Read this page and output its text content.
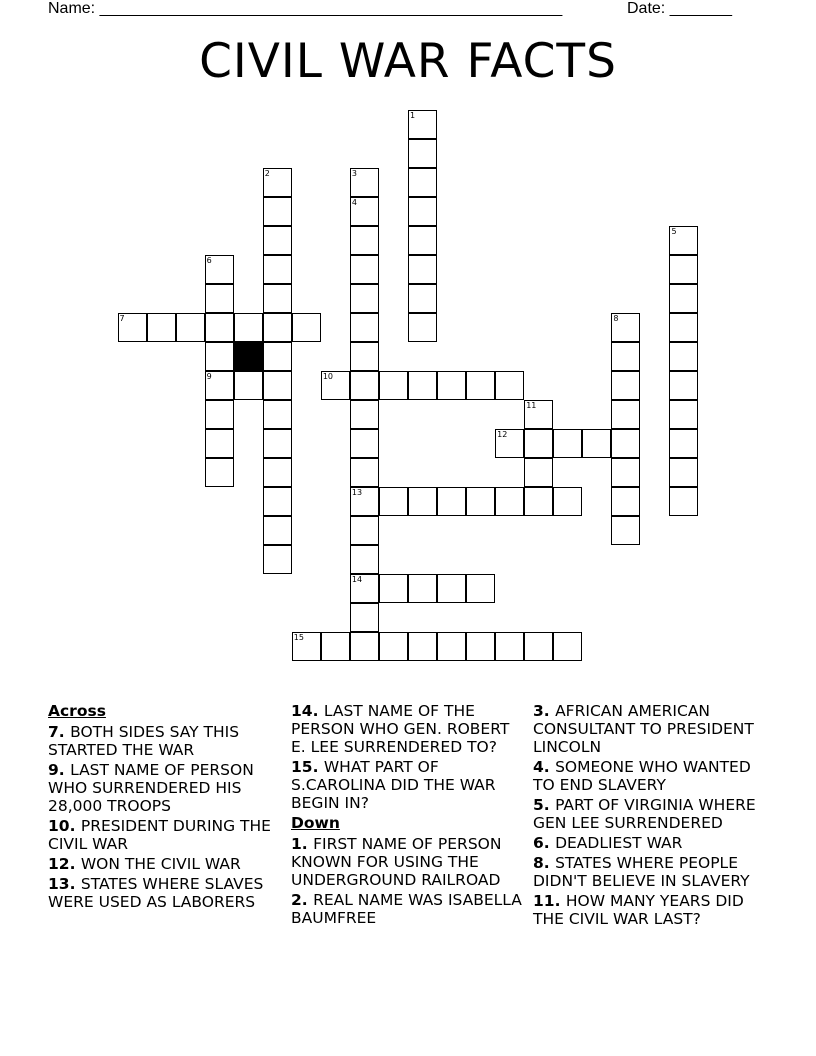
Name: ____________________________________________________	Date: _______
CIVIL WAR FACTS
1
2	3
4
13
14
5
6
9
7	8
10
11
12
15
Across
7. BOTH SIDES SAY THIS STARTED THE WAR
9. LAST NAME OF PERSON WHO SURRENDERED HIS 28,000 TROOPS
10. PRESIDENT DURING THE CIVIL WAR
12. WON THE CIVIL WAR
13. STATES WHERE SLAVES WERE USED AS LABORERS
14. LAST NAME OF THE PERSON WHO GEN. ROBERT E. LEE SURRENDERED TO?
15. WHAT PART OF S.CAROLINA DID THE WAR BEGIN IN?
Down
1. FIRST NAME OF PERSON KNOWN FOR USING THE UNDERGROUND RAILROAD
2. REAL NAME WAS ISABELLA BAUMFREE
3. AFRICAN AMERICAN CONSULTANT TO PRESIDENT LINCOLN
4. SOMEONE WHO WANTED TO END SLAVERY
5. PART OF VIRGINIA WHERE GEN LEE SURRENDERED
6. DEADLIEST WAR
8. STATES WHERE PEOPLE DIDN'T BELIEVE IN SLAVERY
11. HOW MANY YEARS DID THE CIVIL WAR LAST?
